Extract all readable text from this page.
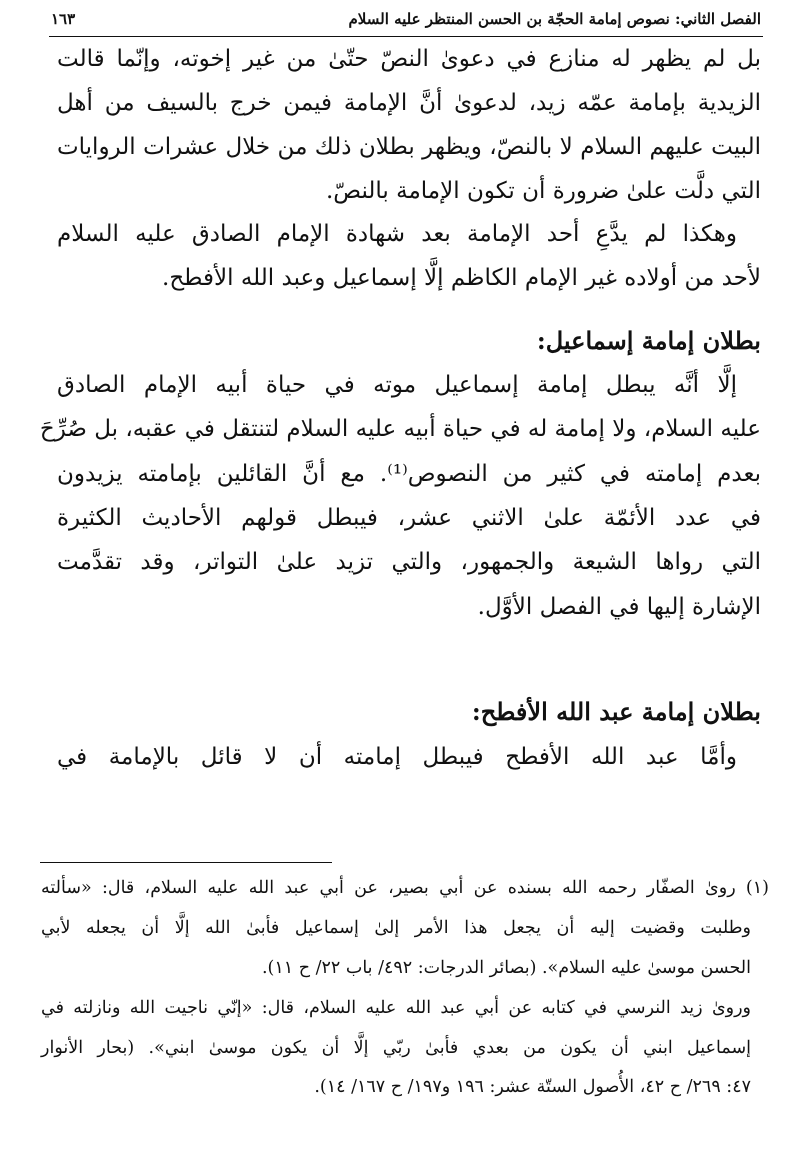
الفصل الثاني: نصوص إمامة الحجّة بن الحسن المنتظر عليه السلام
١٦٣
بل لم يظهر له منازع في دعوىٰ النصّ حتّىٰ من غير إخوته، وإنّما قالت
الزيدية بإمامة عمّه زيد، لدعوىٰ أنَّ الإمامة فيمن خرج بالسيف من أهل
البيت عليهم السلام لا بالنصّ، ويظهر بطلان ذلك من خلال عشرات الروايات
التي دلَّت علىٰ ضرورة أن تكون الإمامة بالنصّ.
وهكذا لم يدَّعِ أحد الإمامة بعد شهادة الإمام الصادق عليه السلام
لأحد من أولاده غير الإمام الكاظم إلَّا إسماعيل وعبد الله الأفطح.
بطلان إمامة إسماعيل:
إلَّا أنَّه يبطل إمامة إسماعيل موته في حياة أبيه الإمام الصادق
عليه السلام، ولا إمامة له في حياة أبيه عليه السلام لتنتقل في عقبه، بل صُرِّحَ
بعدم إمامته في كثير من النصوص⁽¹⁾. مع أنَّ القائلين بإمامته يزيدون
في عدد الأئمّة علىٰ الاثني عشر، فيبطل قولهم الأحاديث الكثيرة
التي رواها الشيعة والجمهور، والتي تزيد علىٰ التواتر، وقد تقدَّمت
الإشارة إليها في الفصل الأوَّل.
بطلان إمامة عبد الله الأفطح:
وأمَّا عبد الله الأفطح فيبطل إمامته أن لا قائل بالإمامة في
(١) روىٰ الصفّار رحمه الله بسنده عن أبي بصير، عن أبي عبد الله عليه السلام، قال: «سألته
وطلبت وقضيت إليه أن يجعل هذا الأمر إلىٰ إسماعيل فأبىٰ الله إلَّا أن يجعله لأبي
الحسن موسىٰ عليه السلام». (بصائر الدرجات: ٤٩٢/ باب ٢٢/ ح ١١).
وروىٰ زيد النرسي في كتابه عن أبي عبد الله عليه السلام، قال: «إنّي ناجيت الله ونازلته في
إسماعيل ابني أن يكون من بعدي فأبىٰ ربّي إلَّا أن يكون موسىٰ ابني». (بحار الأنوار
٤٧: ٢٦٩/ ح ٤٢، الأُصول الستّة عشر: ١٩٦ و١٩٧/ ح ١٦٧/ ١٤).
